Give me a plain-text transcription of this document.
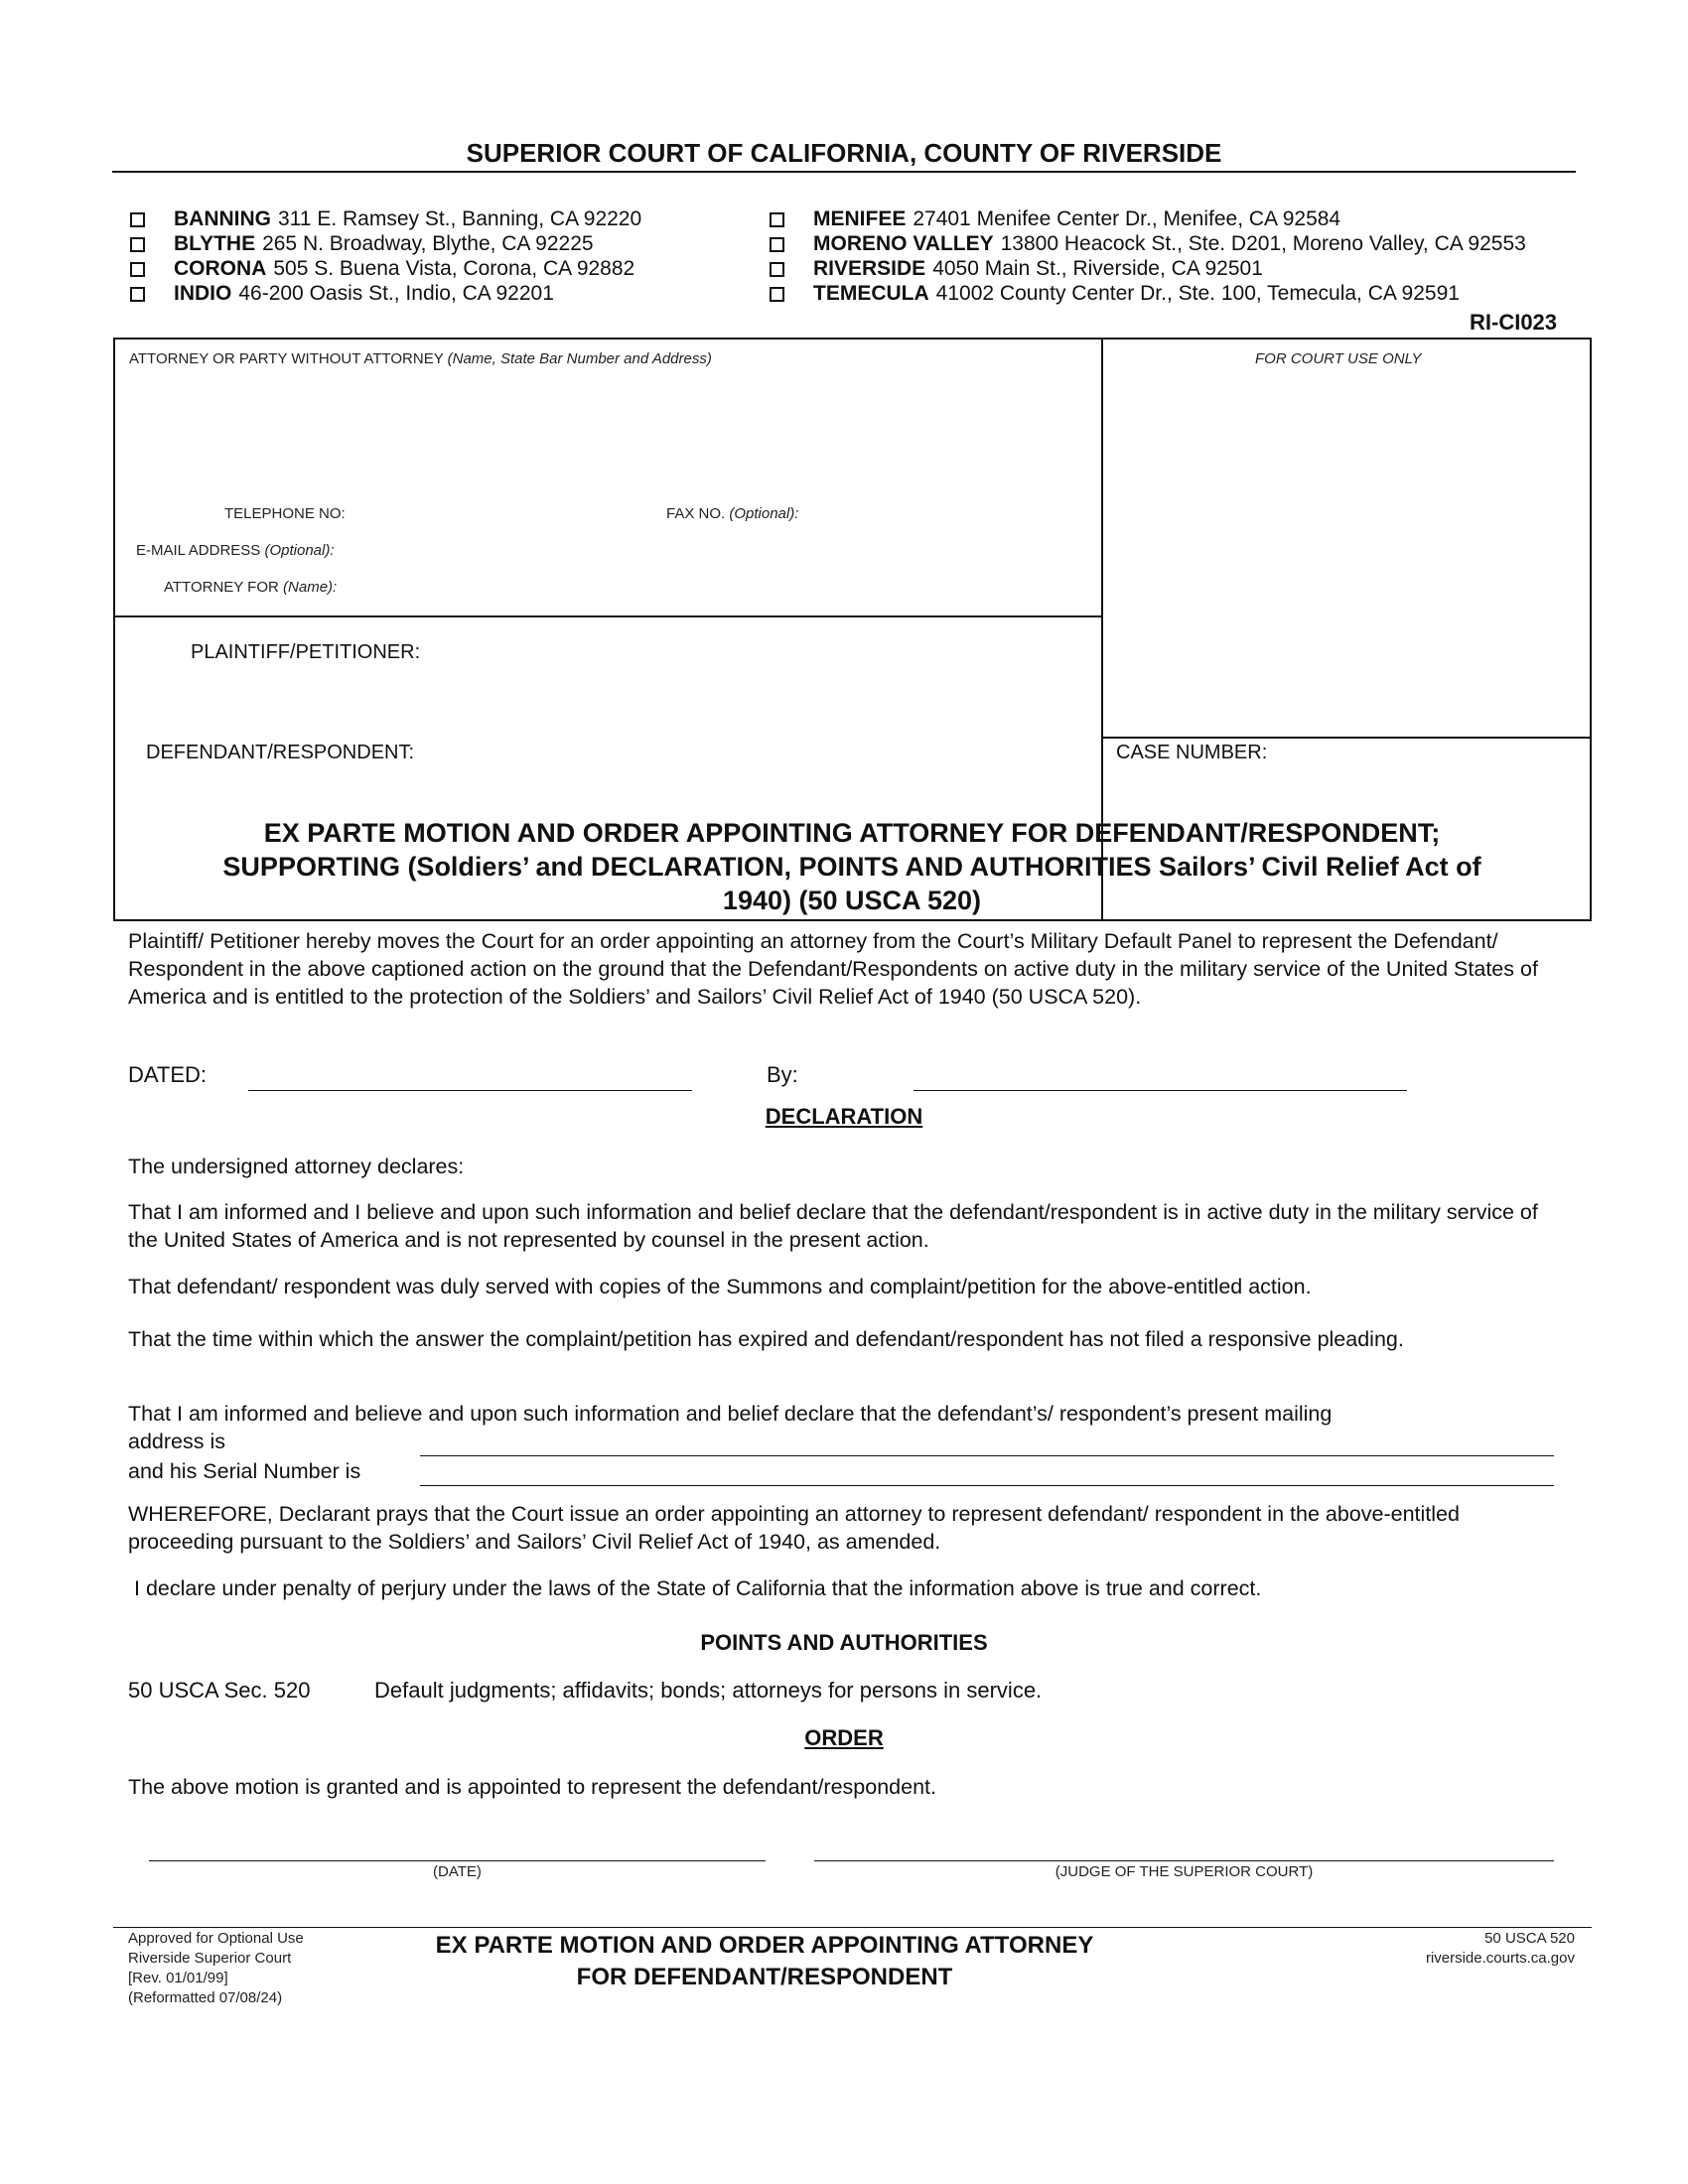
SUPERIOR COURT OF CALIFORNIA, COUNTY OF RIVERSIDE
BANNING 311 E. Ramsey St., Banning, CA 92220
BLYTHE 265 N. Broadway, Blythe, CA 92225
CORONA 505 S. Buena Vista, Corona, CA 92882
INDIO 46-200 Oasis St., Indio, CA 92201
MENIFEE 27401 Menifee Center Dr., Menifee, CA 92584
MORENO VALLEY 13800 Heacock St., Ste. D201, Moreno Valley, CA 92553
RIVERSIDE 4050 Main St., Riverside, CA 92501
TEMECULA 41002 County Center Dr., Ste. 100, Temecula, CA 92591
RI-CI023
ATTORNEY OR PARTY WITHOUT ATTORNEY (Name, State Bar Number and Address)	FOR COURT USE ONLY
TELEPHONE NO:	FAX NO. (Optional):
E-MAIL ADDRESS (Optional):
ATTORNEY FOR (Name):
PLAINTIFF/PETITIONER:
DEFENDANT/RESPONDENT:	CASE NUMBER:
EX PARTE MOTION AND ORDER APPOINTING ATTORNEY FOR DEFENDANT/RESPONDENT;
SUPPORTING (Soldiers’ and DECLARATION, POINTS AND AUTHORITIES Sailors’ Civil Relief Act of
1940) (50 USCA 520)
Plaintiff/ Petitioner hereby moves the Court for an order appointing an attorney from the Court’s Military Default Panel to represent the Defendant/ Respondent in the above captioned action on the ground that the Defendant/Respondents on active duty in the military service of the United States of America and is entitled to the protection of the Soldiers’ and Sailors’ Civil Relief Act of 1940 (50 USCA 520).
DATED:	By:
DECLARATION
The undersigned attorney declares:
That I am informed and I believe and upon such information and belief declare that the defendant/respondent is in active duty in the military service of the United States of America and is not represented by counsel in the present action.
That defendant/ respondent was duly served with copies of the Summons and complaint/petition for the above-entitled action.
That the time within which the answer the complaint/petition has expired and defendant/respondent has not filed a responsive pleading.
That I am informed and believe and upon such information and belief declare that the defendant’s/ respondent’s present mailing
address is
and his Serial Number is
WHEREFORE, Declarant prays that the Court issue an order appointing an attorney to represent defendant/ respondent in the above-entitled proceeding pursuant to the Soldiers’ and Sailors’ Civil Relief Act of 1940, as amended.
I declare under penalty of perjury under the laws of the State of California that the information above is true and correct.
POINTS AND AUTHORITIES
50 USCA Sec. 520	Default judgments; affidavits; bonds; attorneys for persons in service.
ORDER
The above motion is granted and is appointed to represent the defendant/respondent.
(DATE)	(JUDGE OF THE SUPERIOR COURT)
Approved for Optional Use
Riverside Superior Court
[Rev. 01/01/99]
(Reformatted 07/08/24)
EX PARTE MOTION AND ORDER APPOINTING ATTORNEY
FOR DEFENDANT/RESPONDENT
50 USCA 520
riverside.courts.ca.gov
